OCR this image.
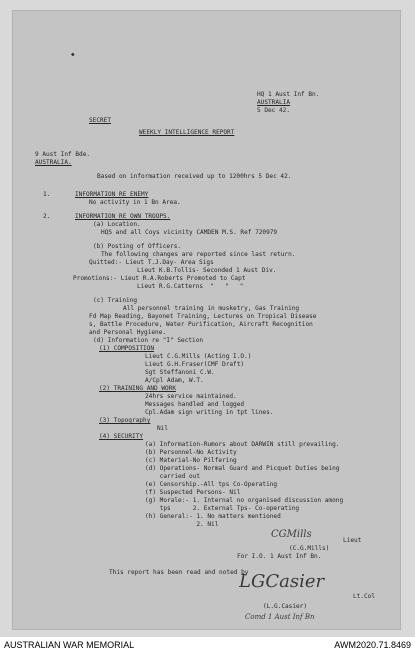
◆
HQ 1 Aust Inf Bn.
AUSTRALIA
5 Dec 42.
SECRET
WEEKLY INTELLIGENCE REPORT
9 Aust Inf Bde.
AUSTRALIA.
Based on information received up to 1200hrs 5 Dec 42.
1.	INFORMATION RE ENEMY
No activity in 1 Bn Area.
2.	INFORMATION RE OWN TROOPS.
(a) Location.
HQS and all Coys vicinity CAMDEN M.S. Ref 720979
(b) Posting of Officers.
The following changes are reported since last return.
Quitted:- Lieut T.J.Day- Area Sigs
Lieut K.B.Tollis- Seconded 1 Aust Div.
Promotions:- Lieut R.A.Roberts Promoted to Capt
Lieut R.G.Catterns  "   "   "
(c) Training
All personnel training in musketry, Gas Training
Fd Map Reading, Bayonet Training, Lectures on Tropical Disease
s, Battle Procedure, Water Purification, Aircraft Recognition
and Personal Hygiene.
(d) Information re "I" Section
(1) COMPOSITION
Lieut C.G.Mills (Acting I.O.)
Lieut G.H.Fraser(CMF Draft)
Sgt Steffanoni C.W.
A/Cpl Adam, W.T.
(2) TRAINING AND WORK
24hrs service maintained.
Messages handled and logged
Cpl.Adam sign writing in tpt lines.
(3) Topography
Nil
(4) SECURITY
(a) Information-Rumors about DARWIN still prevailing.
(b) Personnel-No Activity
(c) Material-No Pilfering
(d) Operations- Normal Guard and Picquet Duties being
carried out
(e) Censorship.-All tps Co-Operating
(f) Suspected Persons- Nil
(g) Morale:- 1. Internal no organised discussion among
tps      2. External Tps- Co-operating
(h) General:- 1. No matters mentioned
2. Nil
CGMills
Lieut
(C.G.Mills)
For I.O. 1 Aust Inf Bn.
This report has been read and noted by
LGCasier
Lt.Col
(L.G.Casier)
Comd 1 Aust Inf Bn
AUSTRALIAN WAR MEMORIAL	AWM2020.71.8469
